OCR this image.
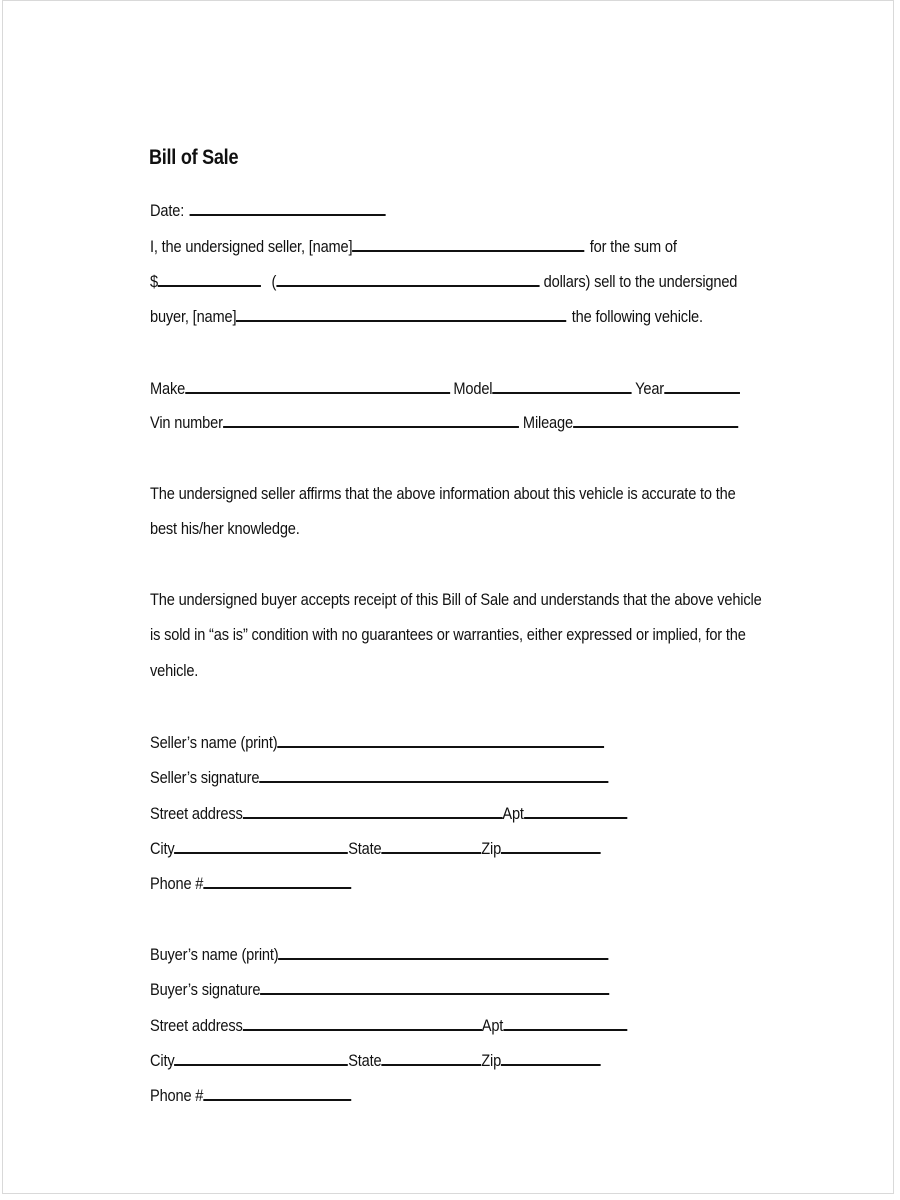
Bill of Sale
Date:
I, the undersigned seller, [name]	for the sum of
$	(	dollars) sell to the undersigned
buyer, [name]	the following vehicle.
Make	Model	Year
Vin number	Mileage
The undersigned seller affirms that the above information about this vehicle is accurate to the
best his/her knowledge.
The undersigned buyer accepts receipt of this Bill of Sale and understands that the above vehicle
is sold in “as is” condition with no guarantees or warranties, either expressed or implied, for the
vehicle.
Seller’s name (print)
Seller’s signature
Street address	Apt
City	State	Zip
Phone #
Buyer’s name (print)
Buyer’s signature
Street address	Apt
City	State	Zip
Phone #
